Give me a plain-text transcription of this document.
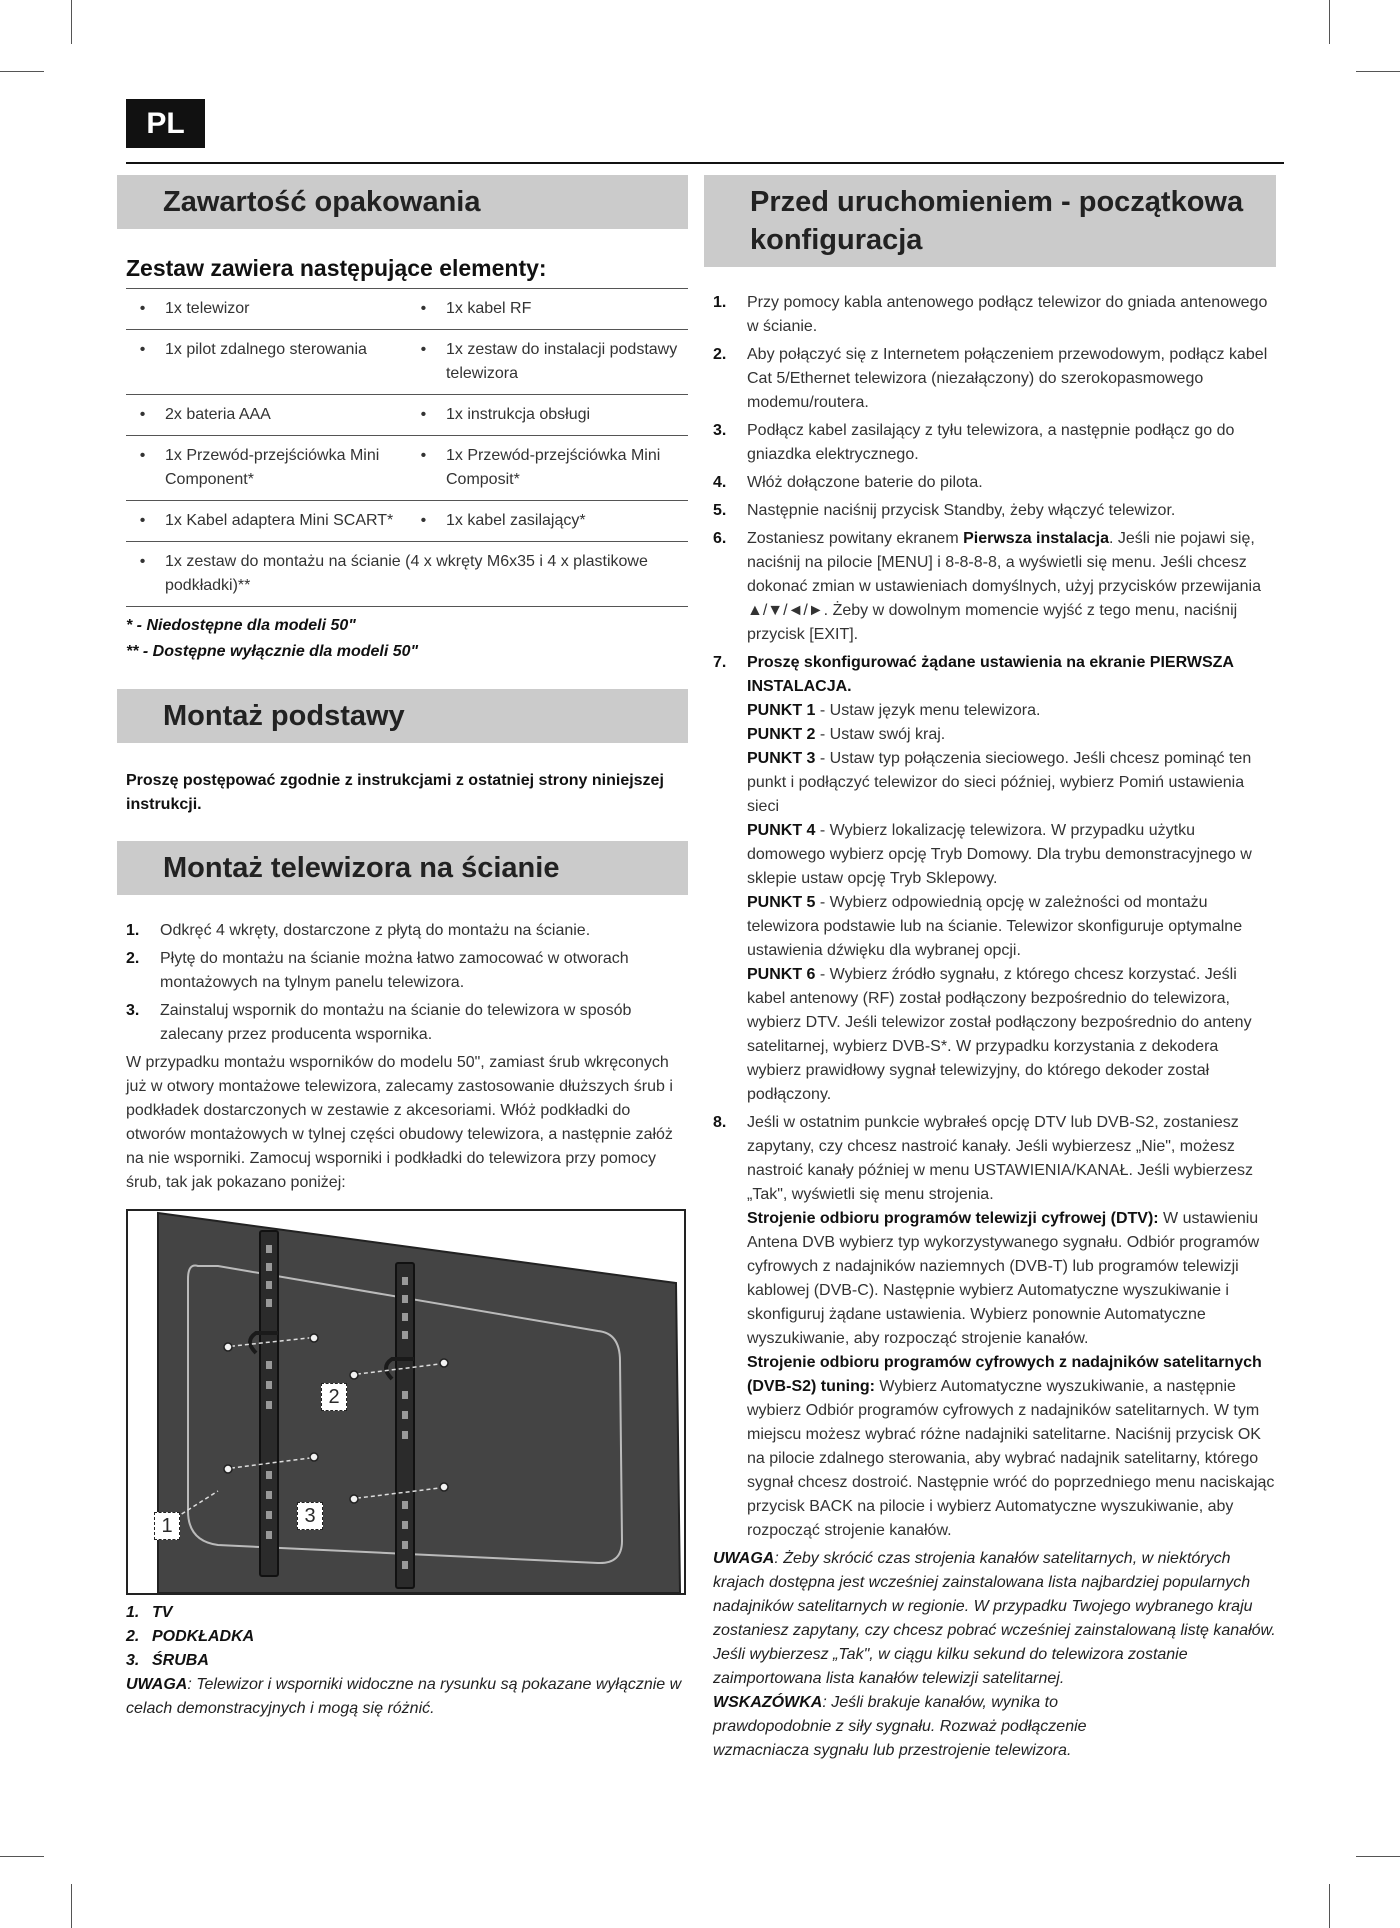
PL
Zawartość opakowania
Zestaw zawiera następujące elementy:
•	1x telewizor	•	1x kabel RF
•	1x pilot zdalnego sterowania	•	1x zestaw do instalacji podstawy telewizora
•	2x bateria AAA	•	1x instrukcja obsługi
•	1x Przewód-przejściówka Mini Component*	•	1x Przewód-przejściówka Mini Composit*
•	1x Kabel adaptera Mini SCART*	•	1x kabel zasilający*
•	1x zestaw do montażu na ścianie (4 x wkręty M6x35 i 4 x plastikowe podkładki)**		
* - Niedostępne dla modeli 50"
** - Dostępne wyłącznie dla modeli 50"
Montaż podstawy
Proszę postępować zgodnie z instrukcjami z ostatniej strony niniejszej instrukcji.
Montaż telewizora na ścianie
1. Odkręć 4 wkręty, dostarczone z płytą do montażu na ścianie.
2. Płytę do montażu na ścianie można łatwo zamocować w otworach montażowych na tylnym panelu telewizora.
3. Zainstaluj wspornik do montażu na ścianie do telewizora w sposób zalecany przez producenta wspornika.
W przypadku montażu wsporników do modelu 50", zamiast śrub wkręconych już w otwory montażowe telewizora, zalecamy zastosowanie dłuższych śrub i podkładek dostarczonych w zestawie z akcesoriami. Włóż podkładki do otworów montażowych w tylnej części obudowy telewizora, a następnie załóż na nie wsporniki. Zamocuj wsporniki i podkładki do telewizora przy pomocy śrub, tak jak pokazano poniżej:
1
2
3
1. TV
2. PODKŁADKA
3. ŚRUBA
UWAGA: Telewizor i wsporniki widoczne na rysunku są pokazane wyłącznie w celach demonstracyjnych i mogą się różnić.
Przed uruchomieniem - początkowa konfiguracja
1. Przy pomocy kabla antenowego podłącz telewizor do gniada antenowego w ścianie.
2. Aby połączyć się z Internetem połączeniem przewodowym, podłącz kabel Cat 5/Ethernet telewizora (niezałączony) do szerokopasmowego modemu/routera.
3. Podłącz kabel zasilający z tyłu telewizora, a następnie podłącz go do gniazdka elektrycznego.
4. Włóż dołączone baterie do pilota.
5. Następnie naciśnij przycisk Standby, żeby włączyć telewizor.
6. Zostaniesz powitany ekranem Pierwsza instalacja. Jeśli nie pojawi się, naciśnij na pilocie [MENU] i 8-8-8-8, a wyświetli się menu. Jeśli chcesz dokonać zmian w ustawieniach domyślnych, użyj przycisków przewijania ▲/▼/◄/►. Żeby w dowolnym momencie wyjść z tego menu, naciśnij przycisk [EXIT].
7. Proszę skonfigurować żądane ustawienia na ekranie PIERWSZA INSTALACJA.
PUNKT 1 - Ustaw język menu telewizora.
PUNKT 2 - Ustaw swój kraj.
PUNKT 3 - Ustaw typ połączenia sieciowego. Jeśli chcesz pominąć ten punkt i podłączyć telewizor do sieci później, wybierz Pomiń ustawienia sieci
PUNKT 4 - Wybierz lokalizację telewizora. W przypadku użytku domowego wybierz opcję Tryb Domowy. Dla trybu demonstracyjnego w sklepie ustaw opcję Tryb Sklepowy.
PUNKT 5 - Wybierz odpowiednią opcję w zależności od montażu telewizora podstawie lub na ścianie. Telewizor skonfiguruje optymalne ustawienia dźwięku dla wybranej opcji.
PUNKT 6 - Wybierz źródło sygnału, z którego chcesz korzystać. Jeśli kabel antenowy (RF) został podłączony bezpośrednio do telewizora, wybierz DTV. Jeśli telewizor został podłączony bezpośrednio do anteny satelitarnej, wybierz DVB-S*. W przypadku korzystania z dekodera wybierz prawidłowy sygnał telewizyjny, do którego dekoder został podłączony.
8. Jeśli w ostatnim punkcie wybrałeś opcję DTV lub DVB-S2, zostaniesz zapytany, czy chcesz nastroić kanały. Jeśli wybierzesz „Nie", możesz nastroić kanały później w menu USTAWIENIA/KANAŁ. Jeśli wybierzesz „Tak", wyświetli się menu strojenia.
Strojenie odbioru programów telewizji cyfrowej (DTV): W ustawieniu Antena DVB wybierz typ wykorzystywanego sygnału. Odbiór programów cyfrowych z nadajników naziemnych (DVB-T) lub programów telewizji kablowej (DVB-C). Następnie wybierz Automatyczne wyszukiwanie i skonfiguruj żądane ustawienia. Wybierz ponownie Automatyczne wyszukiwanie, aby rozpocząć strojenie kanałów.
Strojenie odbioru programów cyfrowych z nadajników satelitarnych (DVB-S2) tuning: Wybierz Automatyczne wyszukiwanie, a następnie wybierz Odbiór programów cyfrowych z nadajników satelitarnych. W tym miejscu możesz wybrać różne nadajniki satelitarne. Naciśnij przycisk OK na pilocie zdalnego sterowania, aby wybrać nadajnik satelitarny, którego sygnał chcesz dostroić. Następnie wróć do poprzedniego menu naciskając przycisk BACK na pilocie i wybierz Automatyczne wyszukiwanie, aby rozpocząć strojenie kanałów.
UWAGA: Żeby skrócić czas strojenia kanałów satelitarnych, w niektórych krajach dostępna jest wcześniej zainstalowana lista najbardziej popularnych nadajników satelitarnych w regionie. W przypadku Twojego wybranego kraju zostaniesz zapytany, czy chcesz pobrać wcześniej zainstalowaną listę kanałów. Jeśli wybierzesz „Tak", w ciągu kilku sekund do telewizora zostanie zaimportowana lista kanałów telewizji satelitarnej.
WSKAZÓWKA: Jeśli brakuje kanałów, wynika to prawdopodobnie z siły sygnału. Rozważ podłączenie wzmacniacza sygnału lub przestrojenie telewizora.
